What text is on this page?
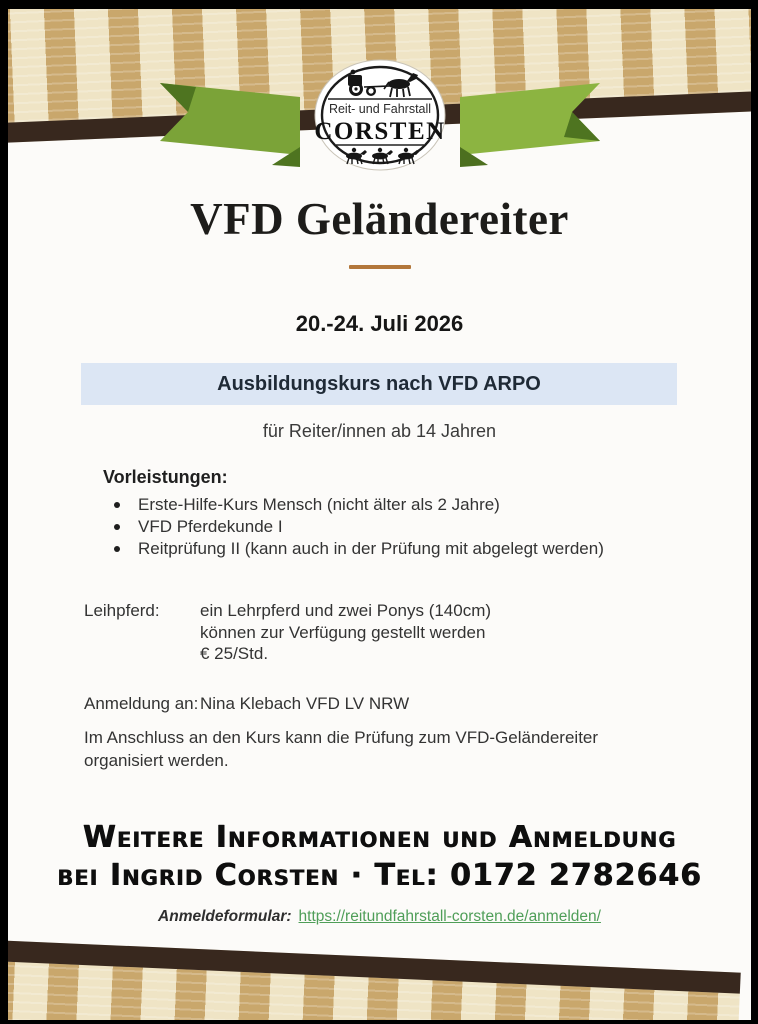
Reit- und Fahrstall
CORSTEN
VFD Geländereiter
20.-24. Juli 2026
Ausbildungskurs nach VFD ARPO
für Reiter/innen ab 14 Jahren
Vorleistungen:
Erste-Hilfe-Kurs Mensch (nicht älter als 2 Jahre)
VFD Pferdekunde I
Reitprüfung II (kann auch in der Prüfung mit abgelegt werden)
Leihpferd:	ein Lehrpferd und zwei Ponys (140cm)
können zur Verfügung gestellt werden
€ 25/Std.
Anmeldung an: Nina Klebach VFD LV NRW
Im Anschluss an den Kurs kann die Prüfung zum VFD-Geländereiter
organisiert werden.
Weitere Informationen und Anmeldung
bei Ingrid Corsten · Tel: 0172 2782646
Anmeldeformular: https://reitundfahrstall-corsten.de/anmelden/
